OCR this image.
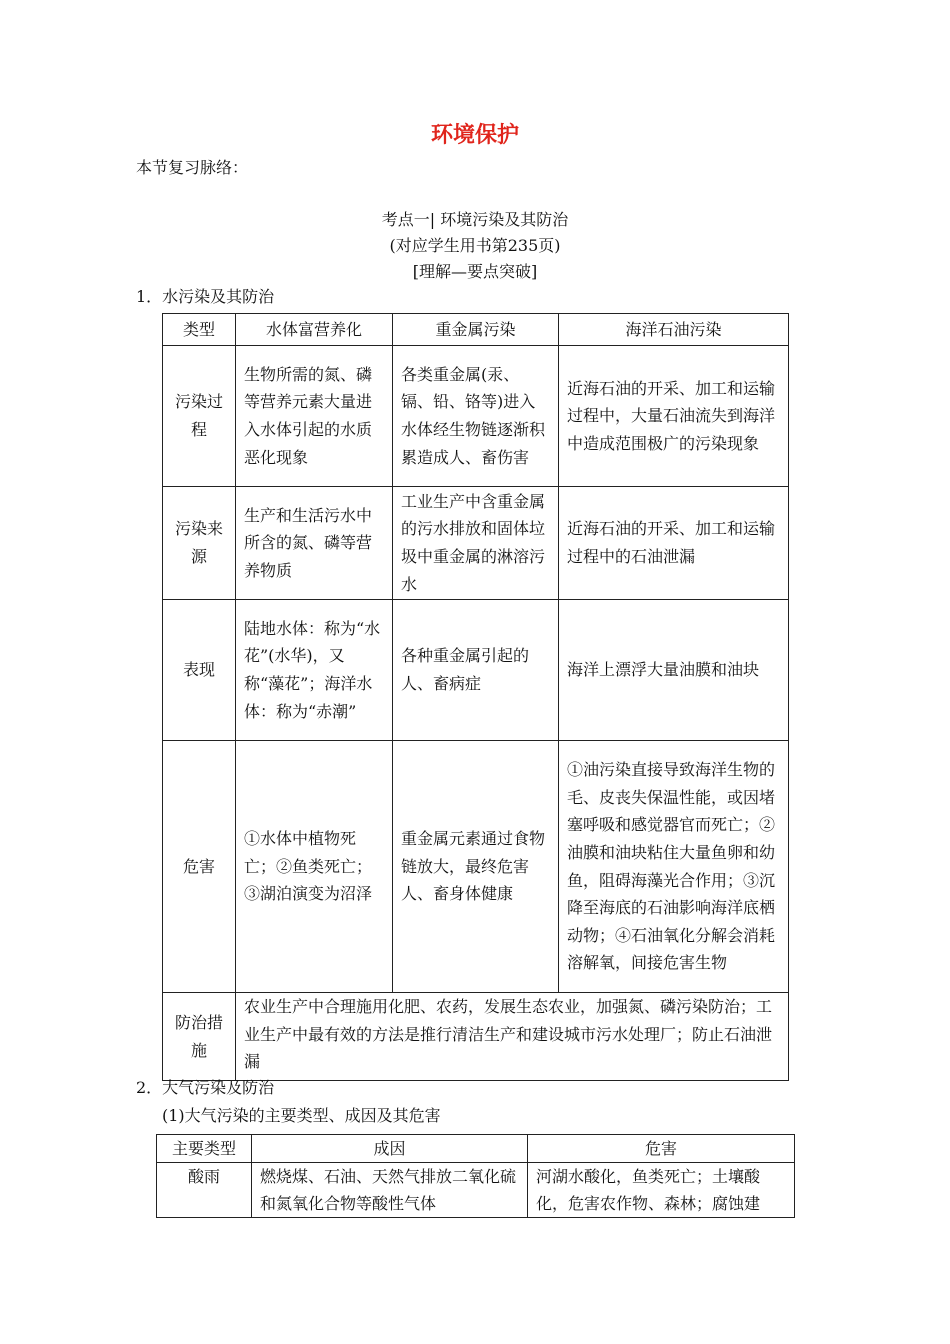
环境保护
本节复习脉络：
考点一| 环境污染及其防治
(对应学生用书第235页)
[理解—要点突破]
1．水污染及其防治
类型	水体富营养化	重金属污染	海洋石油污染
污染过程	生物所需的氮、磷等营养元素大量进入水体引起的水质恶化现象	各类重金属(汞、镉、铅、铬等)进入水体经生物链逐渐积累造成人、畜伤害	近海石油的开采、加工和运输过程中，大量石油流失到海洋中造成范围极广的污染现象
污染来源	生产和生活污水中所含的氮、磷等营养物质	工业生产中含重金属的污水排放和固体垃圾中重金属的淋溶污水	近海石油的开采、加工和运输过程中的石油泄漏
表现	陆地水体：称为“水花”(水华)，又称“藻花”；海洋水体：称为“赤潮”	各种重金属引起的人、畜病症	海洋上漂浮大量油膜和油块
危害	①水体中植物死亡；②鱼类死亡；③湖泊演变为沼泽	重金属元素通过食物链放大，最终危害人、畜身体健康	①油污染直接导致海洋生物的毛、皮丧失保温性能，或因堵塞呼吸和感觉器官而死亡；②油膜和油块粘住大量鱼卵和幼鱼，阻碍海藻光合作用；③沉降至海底的石油影响海洋底栖动物；④石油氧化分解会消耗溶解氧，间接危害生物
防治措施	农业生产中合理施用化肥、农药，发展生态农业，加强氮、磷污染防治；工业生产中最有效的方法是推行清洁生产和建设城市污水处理厂；防止石油泄漏		
2．大气污染及防治
(1)大气污染的主要类型、成因及其危害
主要类型	成因	危害
酸雨	燃烧煤、石油、天然气排放二氧化硫和氮氧化合物等酸性气体	河湖水酸化，鱼类死亡；土壤酸化，危害农作物、森林；腐蚀建
